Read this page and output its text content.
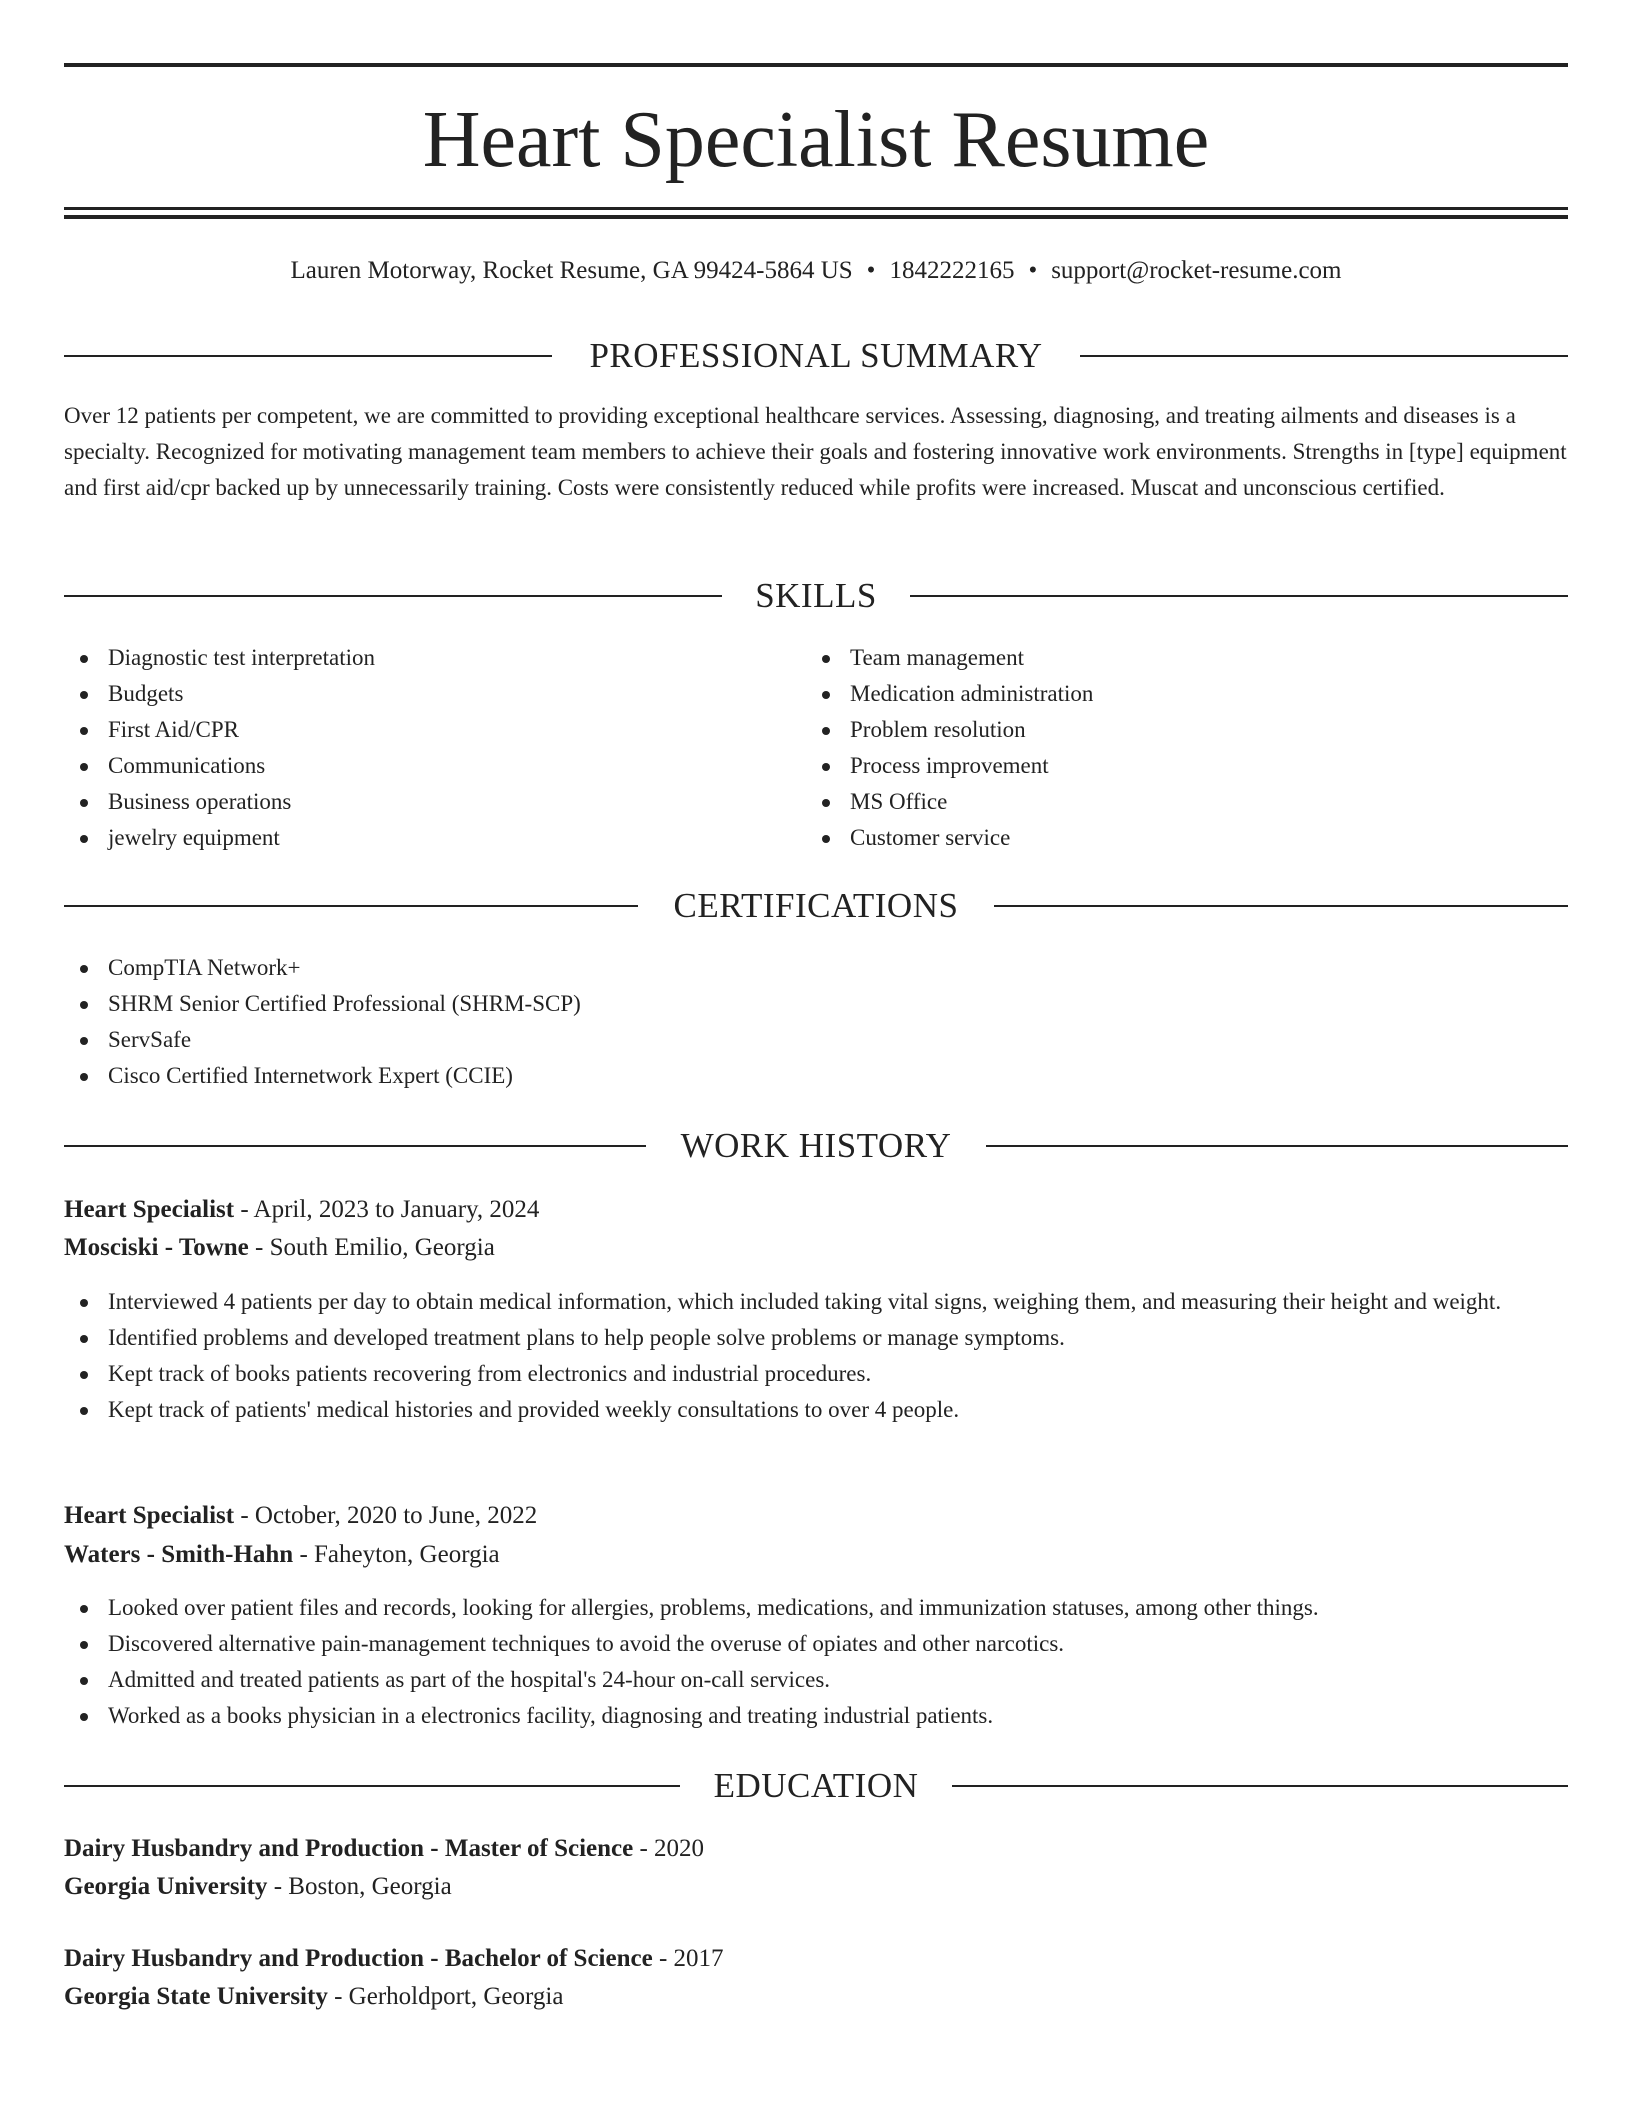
Heart Specialist Resume
Lauren Motorway, Rocket Resume, GA 99424-5864 US • 1842222165 • support@rocket-resume.com
PROFESSIONAL SUMMARY

Over 12 patients per competent, we are committed to providing exceptional healthcare services. Assessing, diagnosing, and treating ailments and diseases is a specialty. Recognized for motivating management team members to achieve their goals and fostering innovative work environments. Strengths in [type] equipment and first aid/cpr backed up by unnecessarily training. Costs were consistently reduced while profits were increased. Muscat and unconscious certified.

SKILLS
Diagnostic test interpretation
Budgets
First Aid/CPR
Communications
Business operations
jewelry equipment
Team management
Medication administration
Problem resolution
Process improvement
MS Office
Customer service
CERTIFICATIONS
CompTIA Network+
SHRM Senior Certified Professional (SHRM-SCP)
ServSafe
Cisco Certified Internetwork Expert (CCIE)
WORK HISTORY
Heart Specialist - April, 2023 to January, 2024
Mosciski - Towne - South Emilio, Georgia
Interviewed 4 patients per day to obtain medical information, which included taking vital signs, weighing them, and measuring their height and weight.
Identified problems and developed treatment plans to help people solve problems or manage symptoms.
Kept track of books patients recovering from electronics and industrial procedures.
Kept track of patients' medical histories and provided weekly consultations to over 4 people.
Heart Specialist - October, 2020 to June, 2022
Waters - Smith-Hahn - Faheyton, Georgia
Looked over patient files and records, looking for allergies, problems, medications, and immunization statuses, among other things.
Discovered alternative pain-management techniques to avoid the overuse of opiates and other narcotics.
Admitted and treated patients as part of the hospital's 24-hour on-call services.
Worked as a books physician in a electronics facility, diagnosing and treating industrial patients.
EDUCATION
Dairy Husbandry and Production - Master of Science - 2020
Georgia University - Boston, Georgia
Dairy Husbandry and Production - Bachelor of Science - 2017
Georgia State University - Gerholdport, Georgia
